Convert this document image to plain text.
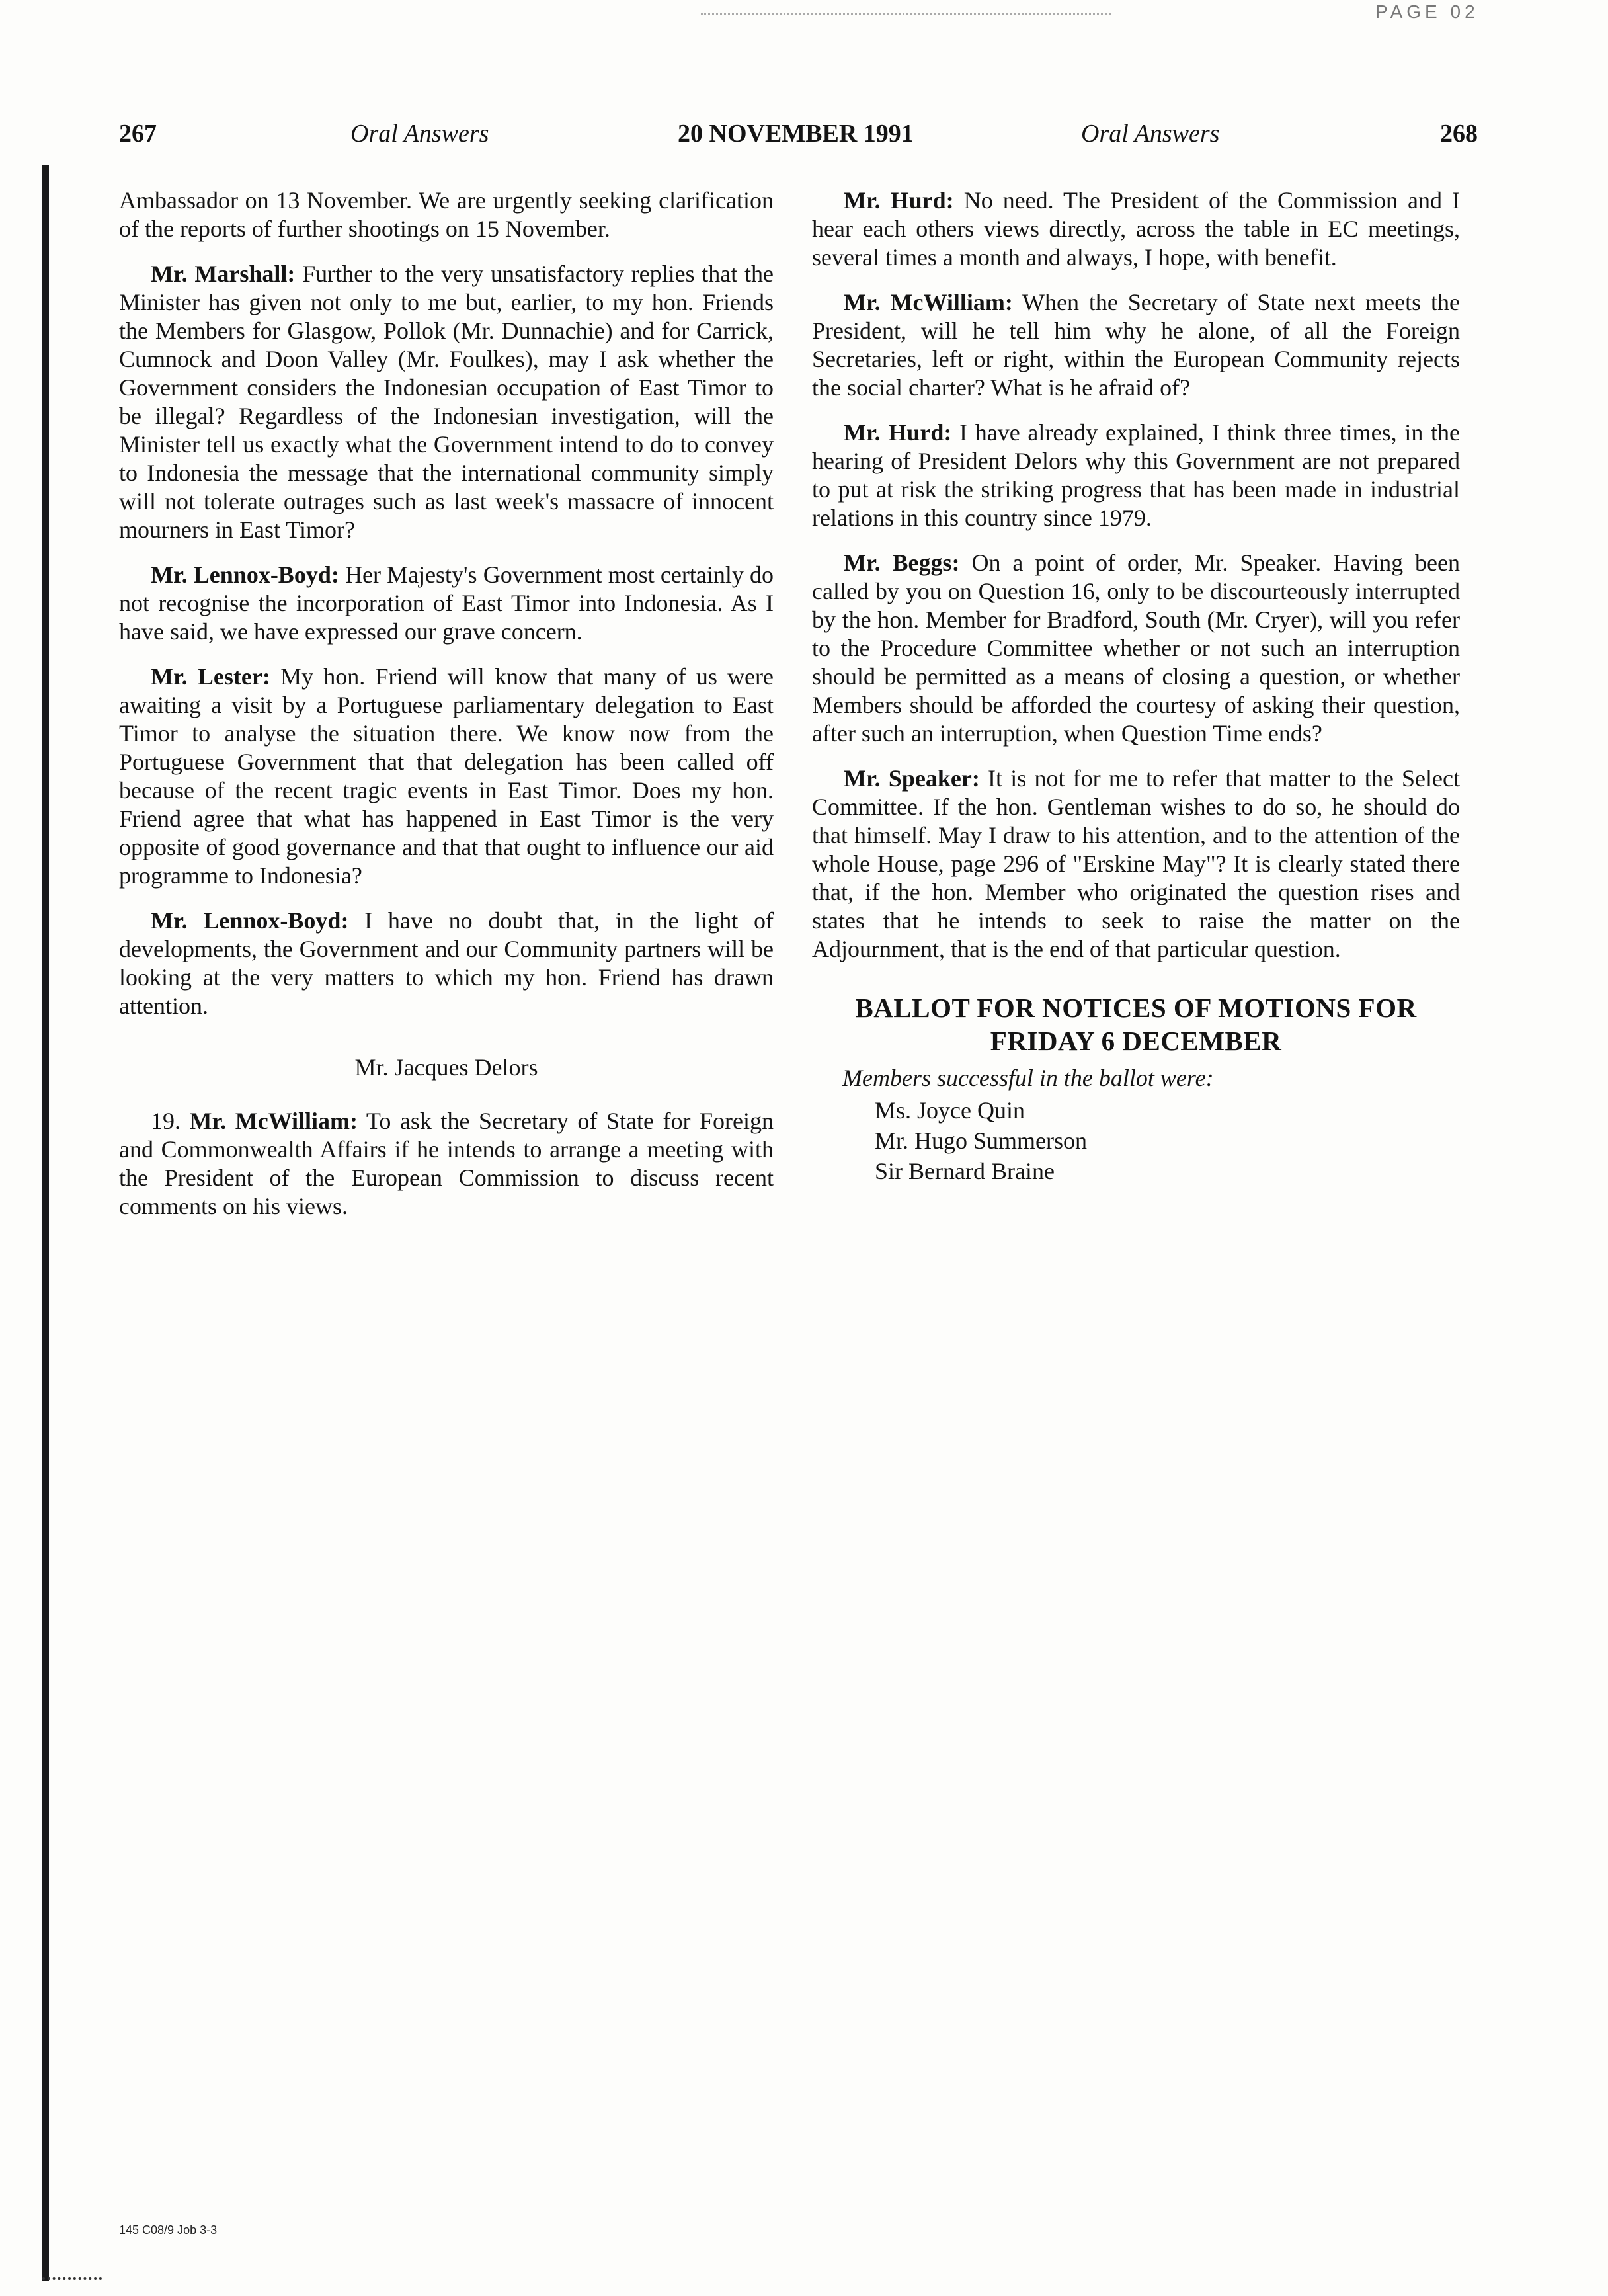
PAGE 02
267	Oral Answers	20 NOVEMBER 1991	Oral Answers	268

Ambassador on 13 November. We are urgently seeking clarification of the reports of further shootings on 15 November.

Mr. Marshall: Further to the very unsatisfactory replies that the Minister has given not only to me but, earlier, to my hon. Friends the Members for Glasgow, Pollok (Mr. Dunnachie) and for Carrick, Cumnock and Doon Valley (Mr. Foulkes), may I ask whether the Government considers the Indonesian occupation of East Timor to be illegal? Regardless of the Indonesian investigation, will the Minister tell us exactly what the Government intend to do to convey to Indonesia the message that the international community simply will not tolerate outrages such as last week's massacre of innocent mourners in East Timor?

Mr. Lennox-Boyd: Her Majesty's Government most certainly do not recognise the incorporation of East Timor into Indonesia. As I have said, we have expressed our grave concern.

Mr. Lester: My hon. Friend will know that many of us were awaiting a visit by a Portuguese parliamentary delegation to East Timor to analyse the situation there. We know now from the Portuguese Government that that delegation has been called off because of the recent tragic events in East Timor. Does my hon. Friend agree that what has happened in East Timor is the very opposite of good governance and that that ought to influence our aid programme to Indonesia?

Mr. Lennox-Boyd: I have no doubt that, in the light of developments, the Government and our Community partners will be looking at the very matters to which my hon. Friend has drawn attention.

Mr. Jacques Delors

19. Mr. McWilliam: To ask the Secretary of State for Foreign and Commonwealth Affairs if he intends to arrange a meeting with the President of the European Commission to discuss recent comments on his views.

Mr. Hurd: No need. The President of the Commission and I hear each others views directly, across the table in EC meetings, several times a month and always, I hope, with benefit.

Mr. McWilliam: When the Secretary of State next meets the President, will he tell him why he alone, of all the Foreign Secretaries, left or right, within the European Community rejects the social charter? What is he afraid of?

Mr. Hurd: I have already explained, I think three times, in the hearing of President Delors why this Government are not prepared to put at risk the striking progress that has been made in industrial relations in this country since 1979.

Mr. Beggs: On a point of order, Mr. Speaker. Having been called by you on Question 16, only to be discourteously interrupted by the hon. Member for Bradford, South (Mr. Cryer), will you refer to the Procedure Committee whether or not such an interruption should be permitted as a means of closing a question, or whether Members should be afforded the courtesy of asking their question, after such an interruption, when Question Time ends?

Mr. Speaker: It is not for me to refer that matter to the Select Committee. If the hon. Gentleman wishes to do so, he should do that himself. May I draw to his attention, and to the attention of the whole House, page 296 of "Erskine May"? It is clearly stated there that, if the hon. Member who originated the question rises and states that he intends to seek to raise the matter on the Adjournment, that is the end of that particular question.

BALLOT FOR NOTICES OF MOTIONS FOR
FRIDAY 6 DECEMBER
Members successful in the ballot were:
Ms. Joyce Quin
Mr. Hugo Summerson
Sir Bernard Braine
145 C08/9 Job 3-3
